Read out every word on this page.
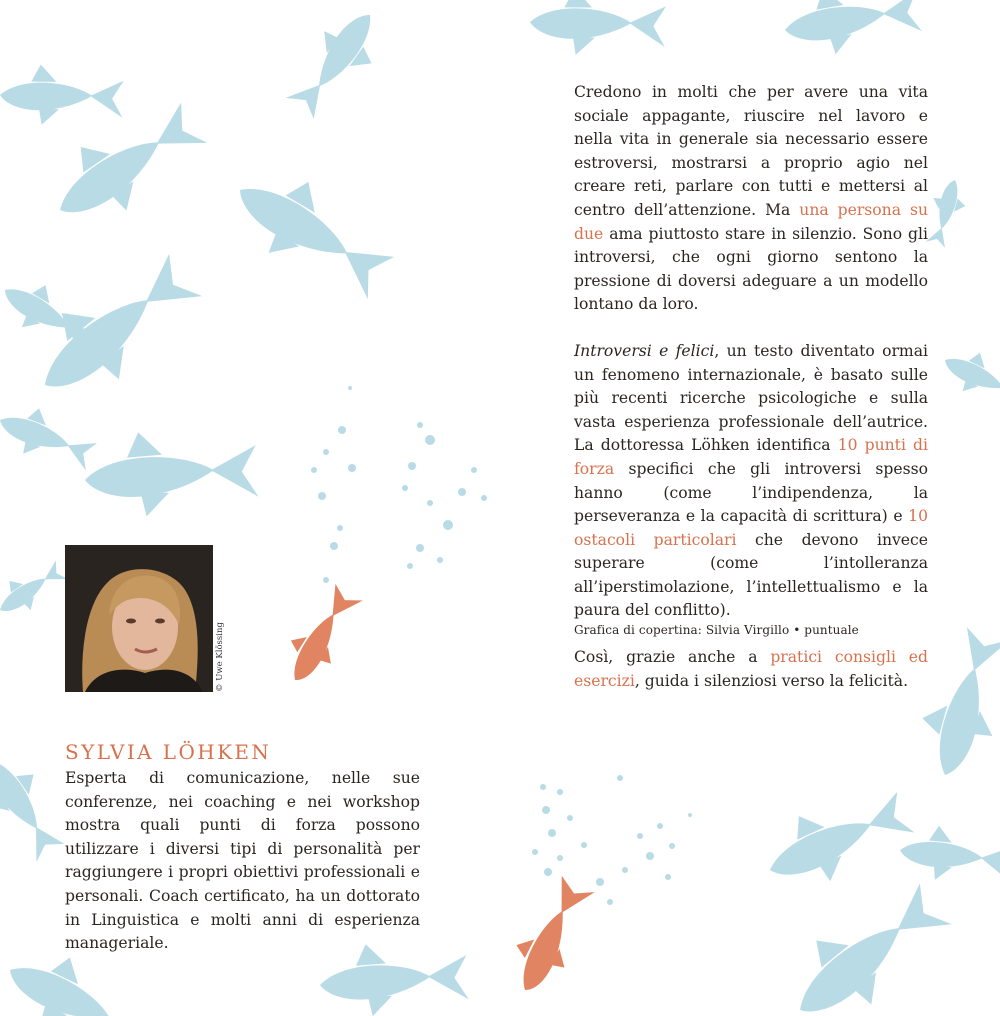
Credono in molti che per avere una vita sociale appagante, riuscire nel lavoro e nella vita in generale sia necessario essere estroversi, mostrarsi a proprio agio nel creare reti, parlare con tutti e mettersi al centro dell’attenzione. Ma una persona su due ama piuttosto stare in silenzio. Sono gli introversi, che ogni giorno sentono la pressione di doversi adeguare a un modello lontano da loro.

Introversi e felici, un testo diventato ormai un fenomeno internazionale, è basato sulle più recenti ricerche psicologiche e sulla vasta esperienza professionale dell’autrice. La dottoressa Löhken identifica 10 punti di forza specifici che gli introversi spesso hanno (come l’indipendenza, la perseveranza e la capacità di scrittura) e 10 ostacoli particolari che devono invece superare (come l’intolleranza all’iperstimolazione, l’intellettualismo e la paura del conflitto).

Così, grazie anche a pratici consigli ed esercizi, guida i silenziosi verso la felicità.

Grafica di copertina: Silvia Virgillo • puntuale
© Uwe Klössing
SYLVIA LÖHKEN
Esperta di comunicazione, nelle sue conferenze, nei coaching e nei workshop mostra quali punti di forza possono utilizzare i diversi tipi di personalità per raggiungere i propri obiettivi professionali e personali. Coach certificato, ha un dottorato in Linguistica e molti anni di esperienza manageriale.
